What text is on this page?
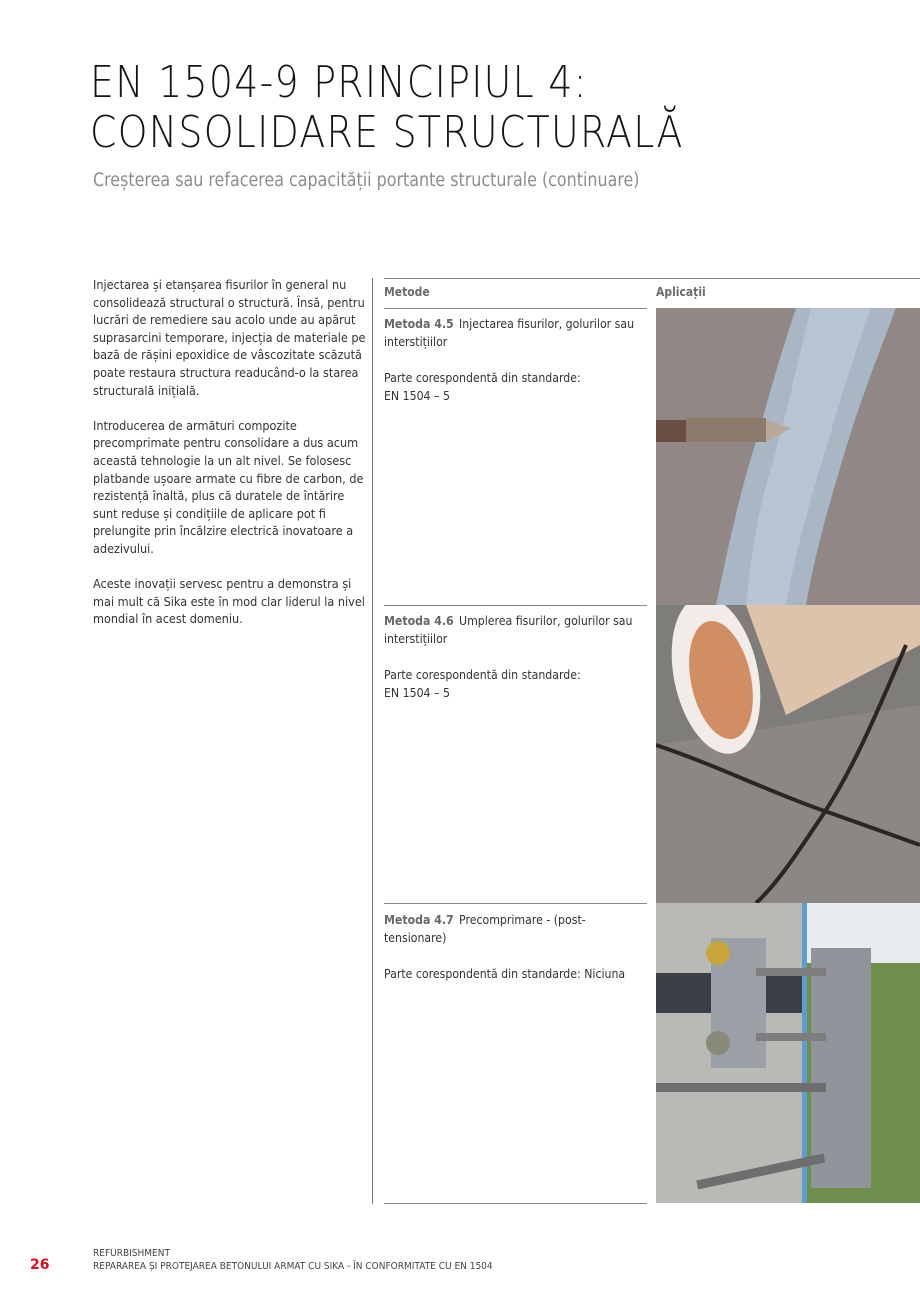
EN 1504-9 PRINCIPIUL 4:
CONSOLIDARE STRUCTURALĂ
Creșterea sau refacerea capacității portante structurale (continuare)

Injectarea și etanșarea fisurilor în general nu consolidează structural o structură. Însă, pentru lucrări de remediere sau acolo unde au apărut suprasarcini temporare, injecția de materiale pe bază de rășini epoxidice de vâscozitate scăzută poate restaura structura readucând-o la starea structurală inițială.

Introducerea de armături compozite precomprimate pentru consolidare a dus acum această tehnologie la un alt nivel. Se folosesc platbande ușoare armate cu fibre de carbon, de rezistență înaltă, plus că duratele de întărire sunt reduse și condițiile de aplicare pot fi prelungite prin încălzire electrică inovatoare a adezivului.

Aceste inovații servesc pentru a demonstra și mai mult că Sika este în mod clar liderul la nivel mondial în acest domeniu.

Metode	Aplicații

Metoda 4.5 Injectarea fisurilor, golurilor sau interstițiilor

Parte corespondentă din standarde:

EN 1504 – 5

Metoda 4.6 Umplerea fisurilor, golurilor sau interstițiilor

Parte corespondentă din standarde:

EN 1504 – 5

Metoda 4.7 Precomprimare - (post-tensionare)

Parte corespondentă din standarde: Niciuna

26
REFURBISHMENT
REPARAREA ȘI PROTEJAREA BETONULUI ARMAT CU SIKA - ÎN CONFORMITATE CU EN 1504
